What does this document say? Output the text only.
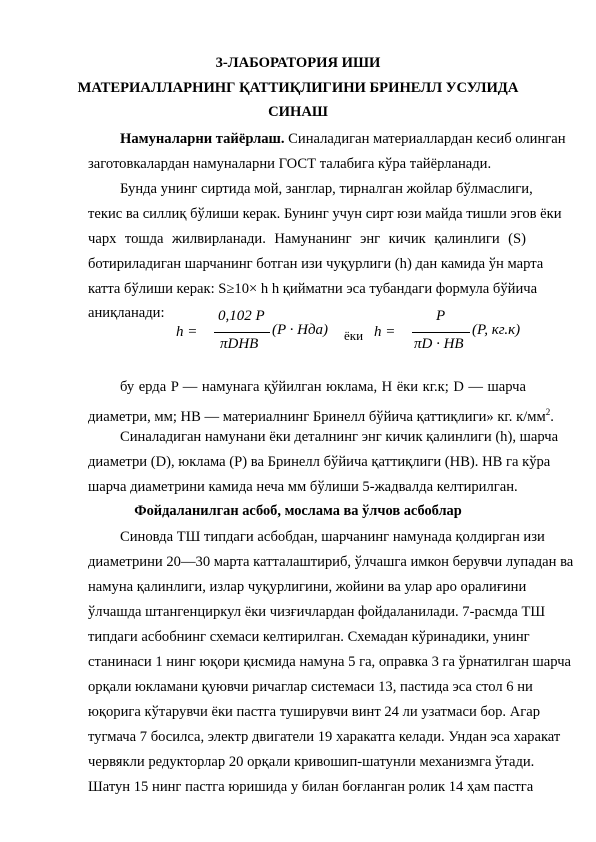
3-ЛАБОРАТОРИЯ ИШИ
МАТЕРИАЛЛАРНИНГ ҚАТТИҚЛИГИНИ БРИНЕЛЛ УСУЛИДА
СИНАШ
Намуналарни тайёрлаш. Синаладиган материаллардан кесиб олинган
заготовкалардан намуналарни ГОСТ талабига кўра тайёрланади.
Бунда унинг сиртида мой, занглар, тирналган жойлар бўлмаслиги,
текис ва силлиқ бўлиши керак. Бунинг учун сирт юзи майда тишли эгов ёки
чарх тошда жилвирланади. Намунанинг энг кичик қалинлиги (S)
ботириладиган шарчанинг ботган изи чуқурлиги (h) дан камида ўн марта
катта бўлиши керак: S≥10× h h қийматни эса тубандаги формула бўйича
аниқланади:
h =
0,102 P
πDHB
(P · Hда) ёки h =
P
πD · HB
(P, кг.к)
бу ерда P — намунага қўйилган юклама, H ёки кг.к; D — шарча
диаметри, мм; HB — материалнинг Бринелл бўйича қаттиқлиги» кг. $к/мм^2$.
Синаладиган намунани ёки деталнинг энг кичик қалинлиги (h), шарча
диаметри (D), юклама (P) ва Бринелл бўйича қаттиқлиги (HB). HB га кўра
шарча диаметрини камида неча мм бўлиши 5-жадвалда келтирилган.
Фойдаланилган асбоб, мослама ва ўлчов асбоблар
Синовда ТШ типдаги асбобдан, шарчанинг намунада қолдирган изи
диаметрини 20—30 марта катталаштириб, ўлчашга имкон берувчи лупадан ва
намуна қалинлиги, излар чуқурлигини, жойини ва улар аро оралиғини
ўлчашда штангенциркул ёки чизғичлардан фойдаланилади. 7-расмда ТШ
типдаги асбобнинг схемаси келтирилган. Схемадан кўринадики, унинг
станинаси 1 нинг юқори қисмида намуна 5 га, оправка 3 га ўрнатилган шарча
орқали юкламани қуювчи ричаглар системаси 13, пастида эса стол 6 ни
юқорига кўтарувчи ёки пастга туширувчи винт 24 ли узатмаси бор. Агар
тугмача 7 босилса, электр двигатели 19 харакатга келади. Ундан эса харакат
червякли редукторлар 20 орқали кривошип-шатунли механизмга ўтади.
Шатун 15 нинг пастга юришида у билан боғланган ролик 14 ҳам пастга
